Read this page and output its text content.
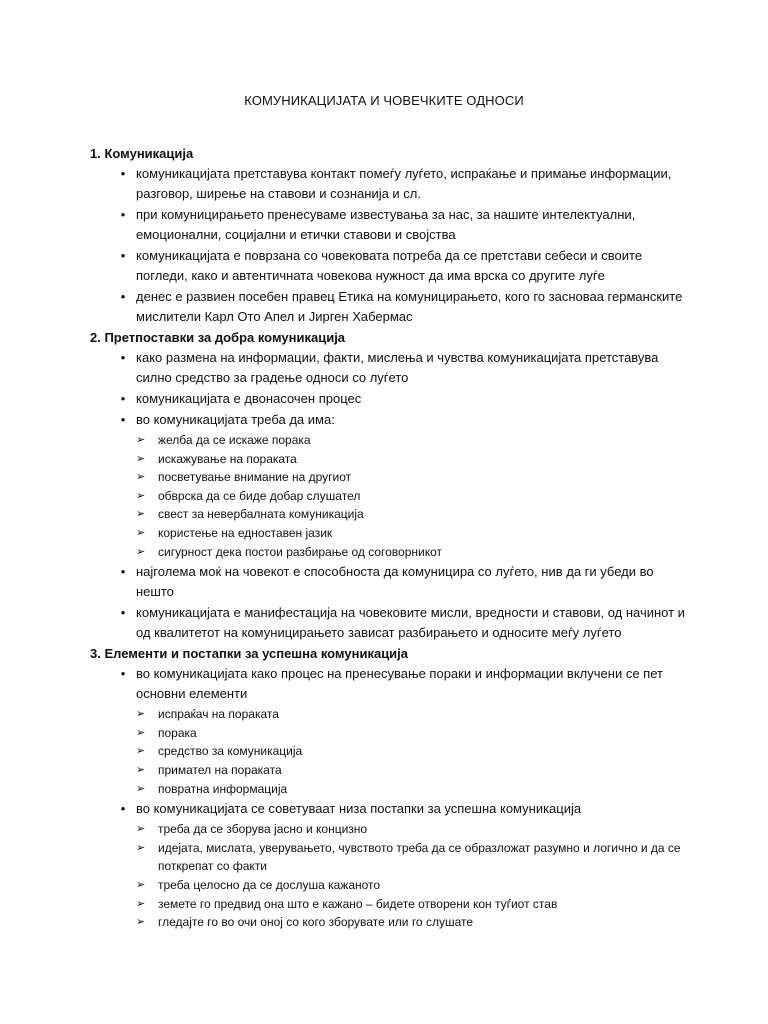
КОМУНИКАЦИЈАТА И ЧОВЕЧКИТЕ ОДНОСИ
1. Комуникација
• комуникацијата претставува контакт помеѓу луѓето, испраќање и примање информации, разговор, ширење на ставови и сознанија и сл.
• при комуницирањето пренесуваме известувања за нас, за нашите интелектуални, емоционални, социјални и етички ставови и својства
• комуникацијата е поврзана со човековата потреба да се претстави себеси и своите погледи, како и автентичната човекова нужност да има врска со другите луѓе
• денес е развиен посебен правец Етика на комуницирањето, кого го засноваа германските мислители Карл Ото Апел и Јирген Хабермас
2. Претпоставки за добра комуникација
• како размена на информации, факти, мислења и чувства комуникацијата претставува силно средство за градење односи со луѓето
• комуникацијата е двонасочен процес
• во комуникацијата треба да има:
➢ желба да се искаже порака
➢ искажување на пораката
➢ посветување внимание на другиот
➢ обврска да се биде добар слушател
➢ свест за невербалната комуникација
➢ користење на едноставен јазик
➢ сигурност дека постои разбирање од соговорникот
• најголема моќ на човекот е способноста да комуницира со луѓето, нив да ги убеди во нешто
• комуникацијата е манифестација на човековите мисли, вредности и ставови, од начинот и од квалитетот на комуницирањето зависат разбирањето и односите меѓу луѓето
3. Елементи и постапки за успешна комуникација
• во комуникацијата како процес на пренесување пораки и информации вклучени се пет основни елементи
➢ испраќач на пораката
➢ порака
➢ средство за комуникација
➢ примател на пораката
➢ повратна информација
• во комуникацијата се советуваат низа постапки за успешна комуникација
➢ треба да се зборува јасно и концизно
➢ идејата, мислата, уверувањето, чувството треба да се образложат разумно и логично и да се поткрепат со факти
➢ треба целосно да се дослуша кажаното
➢ земете го предвид она што е кажано – бидете отворени кон туѓиот став
➢ гледајте го во очи оној со кого зборувате или го слушате
